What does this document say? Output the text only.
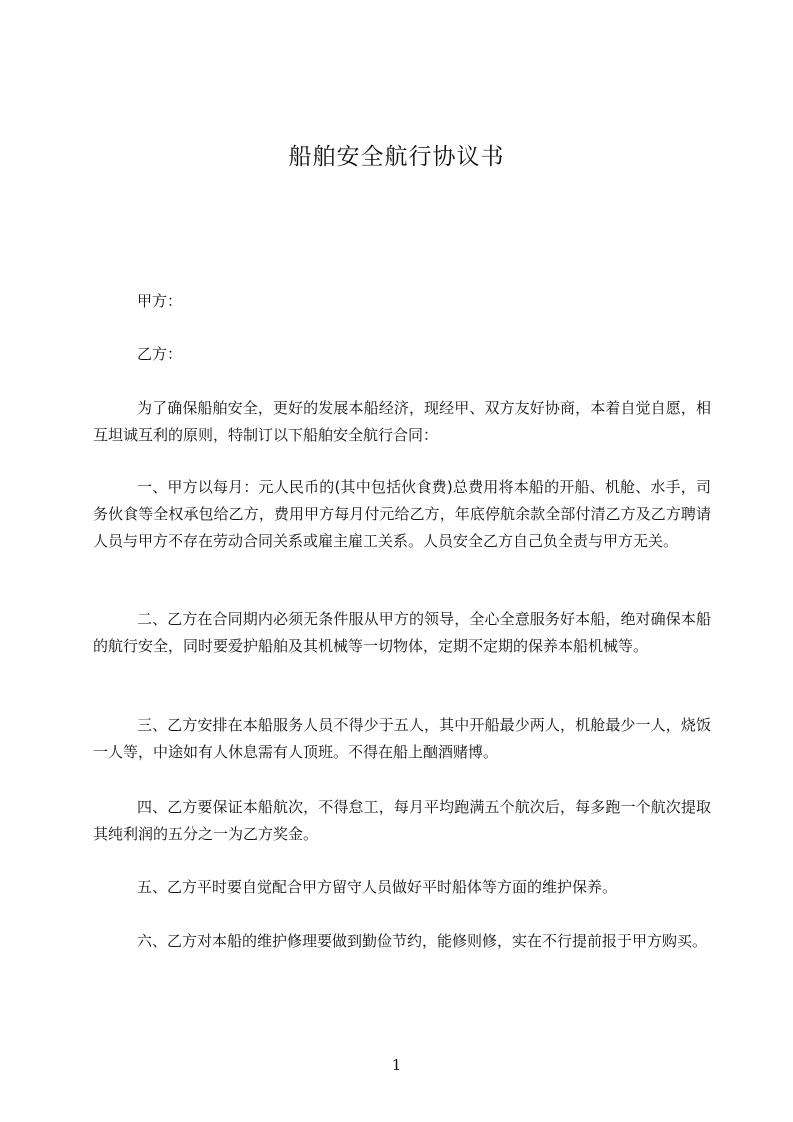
船舶安全航行协议书

甲方：

乙方：

为了确保船舶安全，更好的发展本船经济，现经甲、双方友好协商，本着自觉自愿，相互坦诚互利的原则，特制订以下船舶安全航行合同：

一、甲方以每月：元人民币的(其中包括伙食费)总费用将本船的开船、机舱、水手，司务伙食等全权承包给乙方，费用甲方每月付元给乙方，年底停航余款全部付清乙方及乙方聘请人员与甲方不存在劳动合同关系或雇主雇工关系。人员安全乙方自己负全责与甲方无关。

二、乙方在合同期内必须无条件服从甲方的领导，全心全意服务好本船，绝对确保本船的航行安全，同时要爱护船舶及其机械等一切物体，定期不定期的保养本船机械等。

三、乙方安排在本船服务人员不得少于五人，其中开船最少两人，机舱最少一人，烧饭一人等，中途如有人休息需有人顶班。不得在船上酗酒赌博。

四、乙方要保证本船航次，不得怠工，每月平均跑满五个航次后，每多跑一个航次提取其纯利润的五分之一为乙方奖金。

五、乙方平时要自觉配合甲方留守人员做好平时船体等方面的维护保养。

六、乙方对本船的维护修理要做到勤俭节约，能修则修，实在不行提前报于甲方购买。

1
